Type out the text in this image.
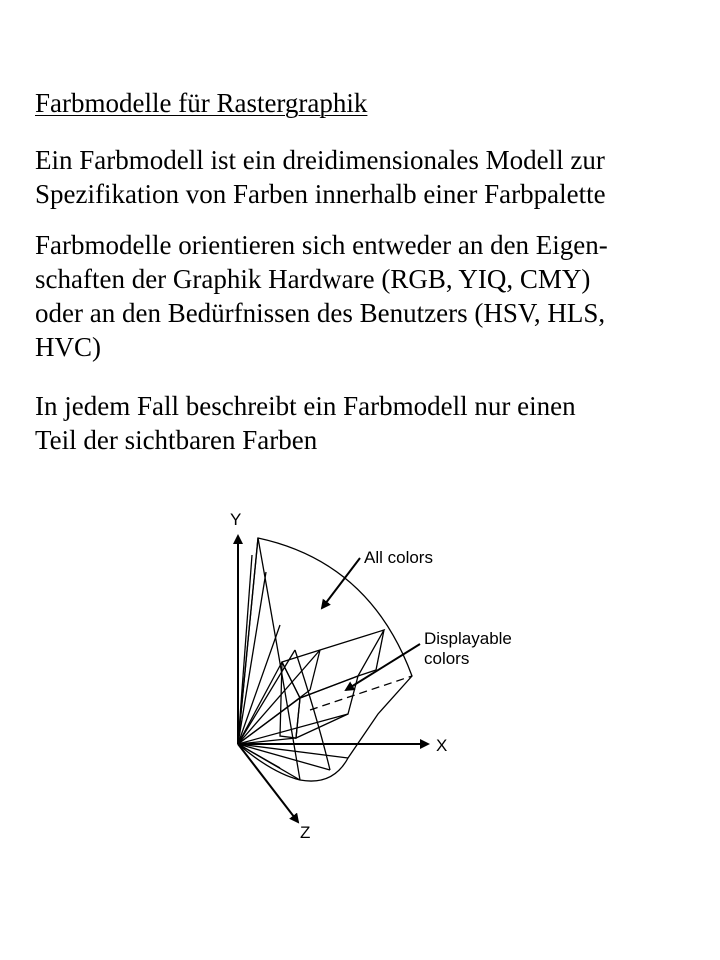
Farbmodelle für Rastergraphik

Ein Farbmodell ist ein dreidimensionales Modell zur
Spezifikation von Farben innerhalb einer Farbpalette

Farbmodelle orientieren sich entweder an den Eigen-
schaften der Graphik Hardware (RGB, YIQ, CMY)
oder an den Bedürfnissen des Benutzers (HSV, HLS,
HVC)

In jedem Fall beschreibt ein Farbmodell nur einen
Teil der sichtbaren Farben

Y
X
Z
All colors
Displayable
colors
